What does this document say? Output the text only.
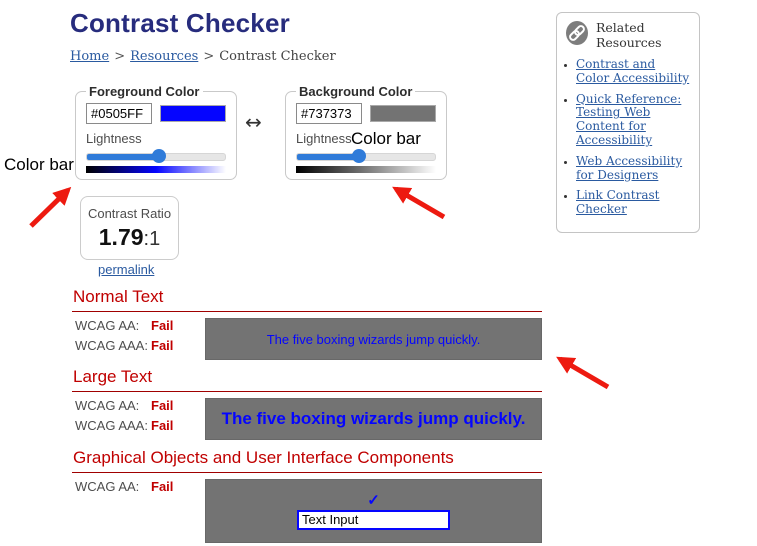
Contrast Checker
Home > Resources > Contrast Checker
Foreground Color
#0505FF
Lightness
↔
Background Color
#737373
Lightness
Contrast Ratio
1.79:1
permalink
Related Resources
• Contrast and Color Accessibility
• Quick Reference: Testing Web Content for Accessibility
• Web Accessibility for Designers
• Link Contrast Checker
Normal Text
WCAG AA: Fail
WCAG AAA: Fail	The five boxing wizards jump quickly.
Large Text
WCAG AA: Fail
WCAG AAA: Fail	The five boxing wizards jump quickly.
Graphical Objects and User Interface Components
WCAG AA: Fail
✓
Text Input
Color bar
Color bar
